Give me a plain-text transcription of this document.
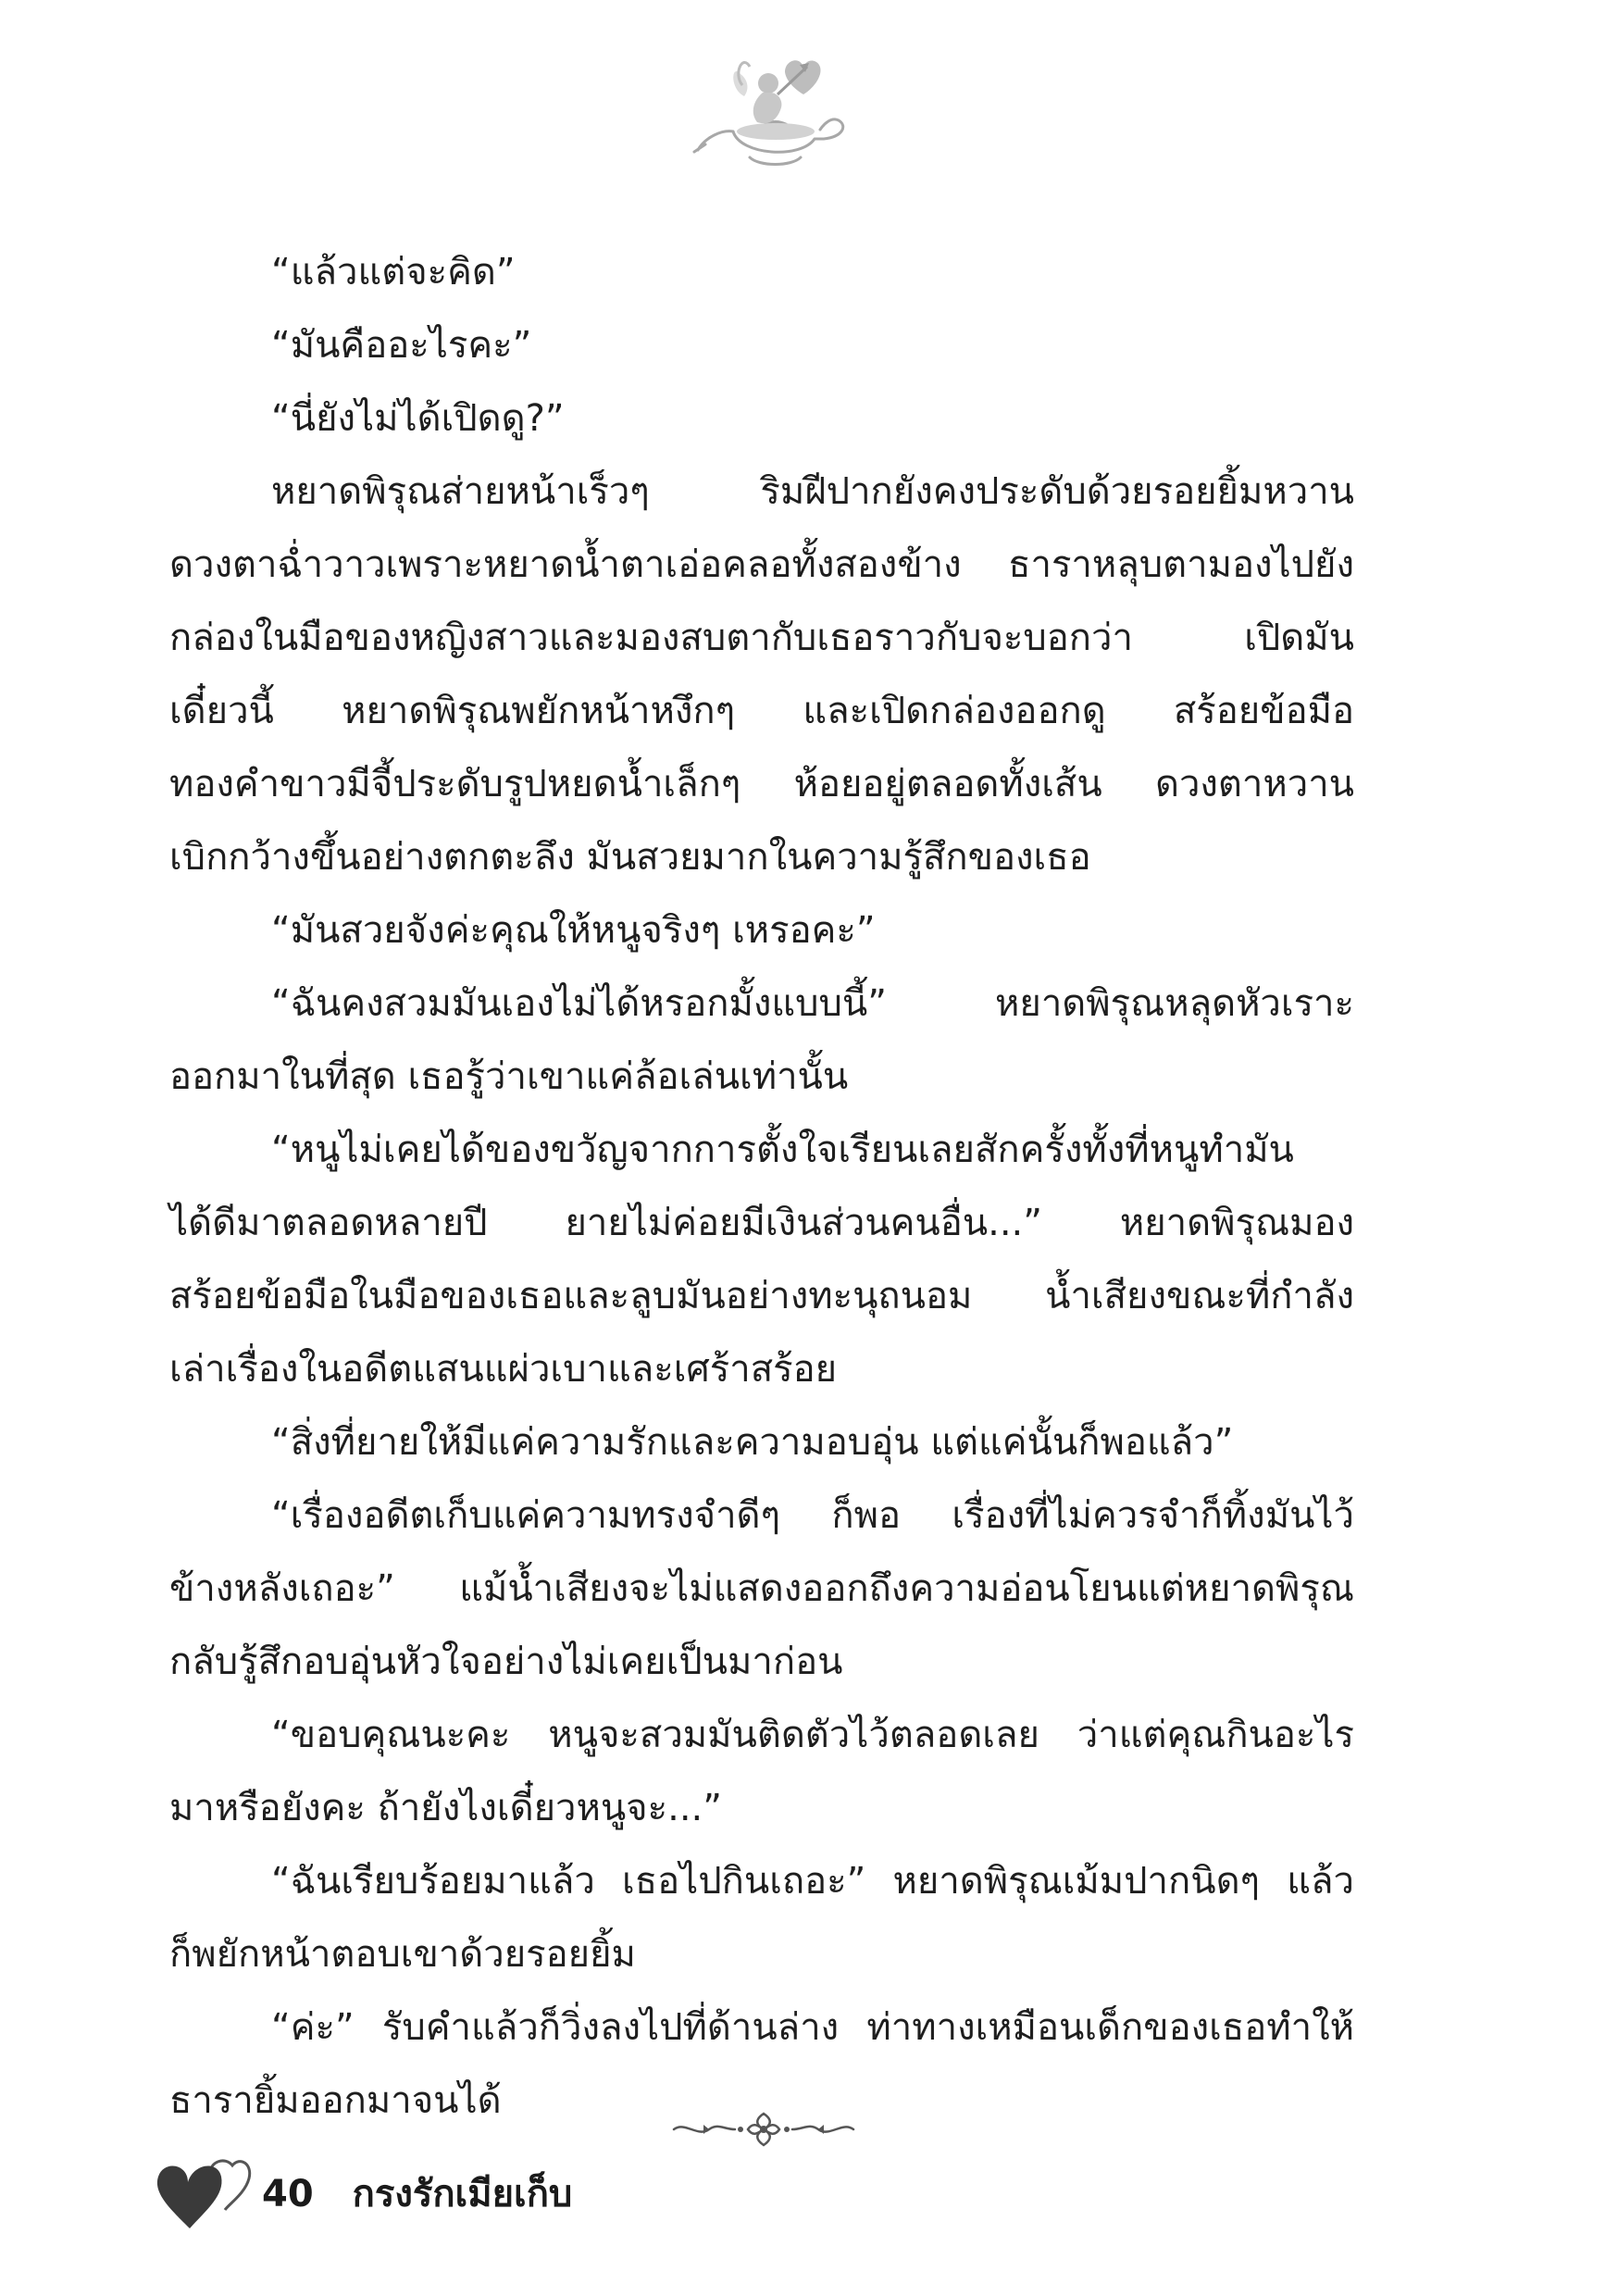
“แล้วแต่จะคิด”
“มันคืออะไรคะ”
“นี่ยังไม่ได้เปิดดู?”
หยาดพิรุณส่ายหน้าเร็วๆ ริมฝีปากยังคงประดับด้วยรอยยิ้มหวาน
ดวงตาฉ่ำวาวเพราะหยาดน้ำตาเอ่อคลอทั้งสองข้าง ธาราหลุบตามองไปยัง
กล่องในมือของหญิงสาวและมองสบตากับเธอราวกับจะบอกว่า เปิดมัน
เดี๋ยวนี้ หยาดพิรุณพยักหน้าหงึกๆ และเปิดกล่องออกดู สร้อยข้อมือ
ทองคำขาวมีจี้ประดับรูปหยดน้ำเล็กๆ ห้อยอยู่ตลอดทั้งเส้น ดวงตาหวาน
เบิกกว้างขึ้นอย่างตกตะลึง มันสวยมากในความรู้สึกของเธอ
“มันสวยจังค่ะคุณให้หนูจริงๆ เหรอคะ”
“ฉันคงสวมมันเองไม่ได้หรอกมั้งแบบนี้” หยาดพิรุณหลุดหัวเราะ
ออกมาในที่สุด เธอรู้ว่าเขาแค่ล้อเล่นเท่านั้น
“หนูไม่เคยได้ของขวัญจากการตั้งใจเรียนเลยสักครั้งทั้งที่หนูทำมัน
ได้ดีมาตลอดหลายปี ยายไม่ค่อยมีเงินส่วนคนอื่น...” หยาดพิรุณมอง
สร้อยข้อมือในมือของเธอและลูบมันอย่างทะนุถนอม น้ำเสียงขณะที่กำลัง
เล่าเรื่องในอดีตแสนแผ่วเบาและเศร้าสร้อย
“สิ่งที่ยายให้มีแค่ความรักและความอบอุ่น แต่แค่นั้นก็พอแล้ว”
“เรื่องอดีตเก็บแค่ความทรงจำดีๆ ก็พอ เรื่องที่ไม่ควรจำก็ทิ้งมันไว้
ข้างหลังเถอะ” แม้น้ำเสียงจะไม่แสดงออกถึงความอ่อนโยนแต่หยาดพิรุณ
กลับรู้สึกอบอุ่นหัวใจอย่างไม่เคยเป็นมาก่อน
“ขอบคุณนะคะ หนูจะสวมมันติดตัวไว้ตลอดเลย ว่าแต่คุณกินอะไร
มาหรือยังคะ ถ้ายังไงเดี๋ยวหนูจะ...”
“ฉันเรียบร้อยมาแล้ว เธอไปกินเถอะ” หยาดพิรุณเม้มปากนิดๆ แล้ว
ก็พยักหน้าตอบเขาด้วยรอยยิ้ม
“ค่ะ” รับคำแล้วก็วิ่งลงไปที่ด้านล่าง ท่าทางเหมือนเด็กของเธอทำให้
ธารายิ้มออกมาจนได้
40 กรงรักเมียเก็บ
